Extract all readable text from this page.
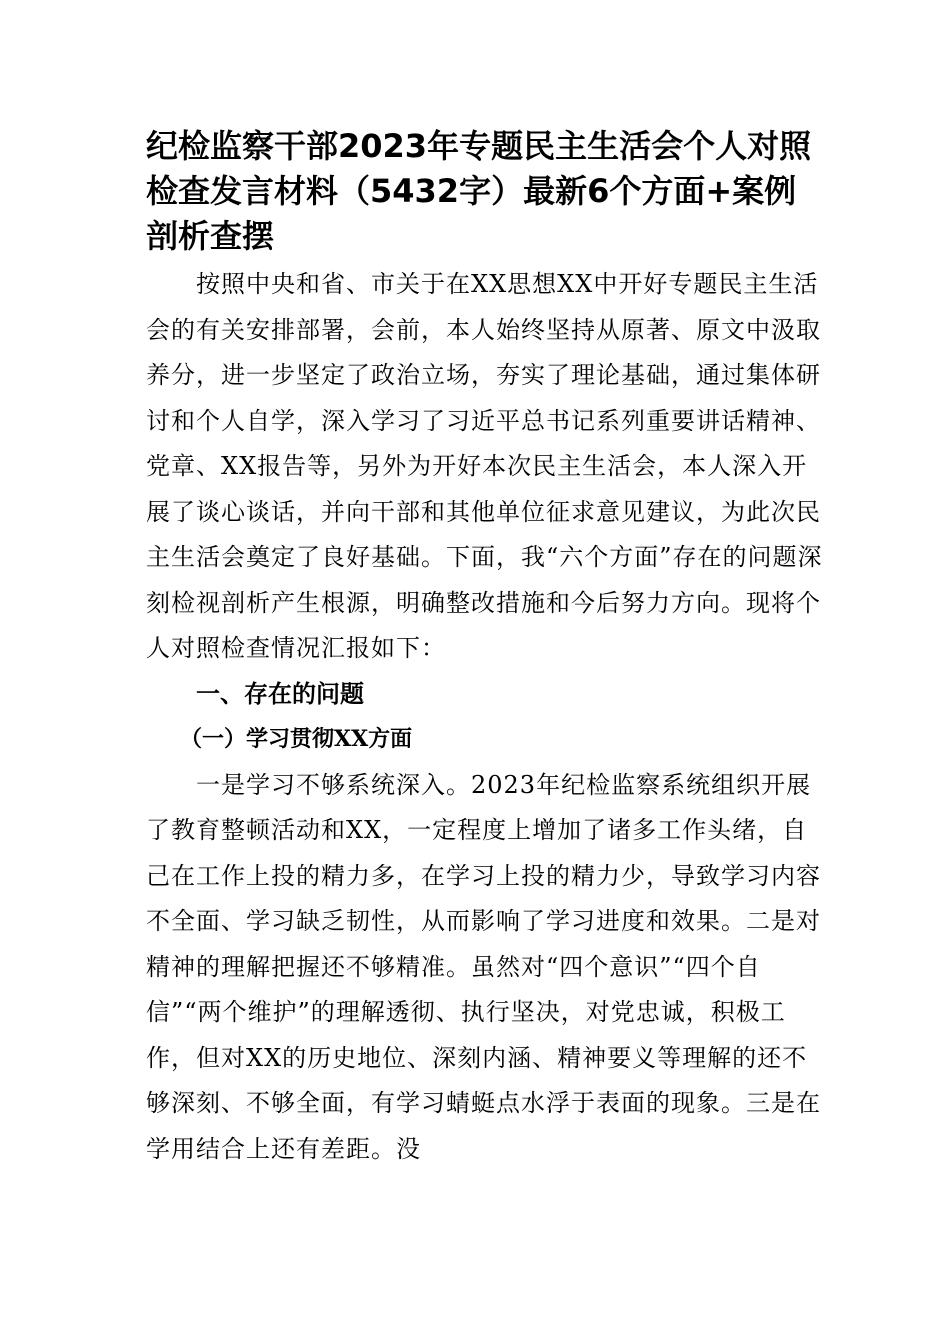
纪检监察干部2023年专题民主生活会个人对照检查发言材料（5432字）最新6个方面+案例剖析查摆

按照中央和省、市关于在XX思想XX中开好专题民主生活会的有关安排部署，会前，本人始终坚持从原著、原文中汲取养分，进一步坚定了政治立场，夯实了理论基础，通过集体研讨和个人自学，深入学习了习近平总书记系列重要讲话精神、党章、XX报告等，另外为开好本次民主生活会，本人深入开展了谈心谈话，并向干部和其他单位征求意见建议，为此次民主生活会奠定了良好基础。下面，我“六个方面”存在的问题深刻检视剖析产生根源，明确整改措施和今后努力方向。现将个人对照检查情况汇报如下：

一、存在的问题

（一）学习贯彻XX方面

一是学习不够系统深入。2023年纪检监察系统组织开展了教育整顿活动和XX，一定程度上增加了诸多工作头绪，自己在工作上投的精力多，在学习上投的精力少，导致学习内容不全面、学习缺乏韧性，从而影响了学习进度和效果。二是对精神的理解把握还不够精准。虽然对“四个意识”“四个自信”“两个维护”的理解透彻、执行坚决，对党忠诚，积极工作，但对XX的历史地位、深刻内涵、精神要义等理解的还不够深刻、不够全面，有学习蜻蜓点水浮于表面的现象。三是在学用结合上还有差距。没
